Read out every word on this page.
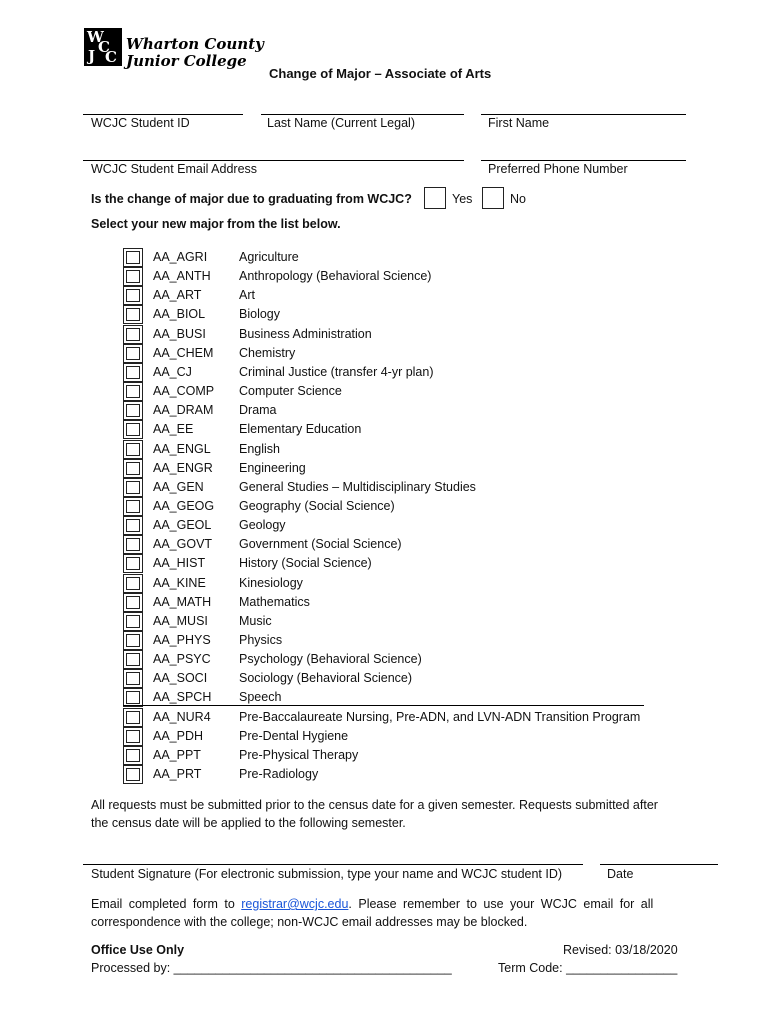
W
C
J C
Wharton County
Junior College
Change of Major – Associate of Arts
WCJC Student ID	Last Name (Current Legal)	First Name
WCJC Student Email Address	Preferred Phone Number
Is the change of major due to graduating from WCJC?	Yes	No
Select your new major from the list below.
AA_AGRI	Agriculture
AA_ANTH Anthropology (Behavioral Science)
AA_ART	Art
AA_BIOL	Biology
AA_BUSI	Business Administration
AA_CHEM Chemistry
AA_CJ	Criminal Justice (transfer 4-yr plan)
AA_COMP Computer Science
AA_DRAM Drama
AA_EE	Elementary Education
AA_ENGL English
AA_ENGR Engineering
AA_GEN	General Studies – Multidisciplinary Studies
AA_GEOG Geography (Social Science)
AA_GEOL Geology
AA_GOVT Government (Social Science)
AA_HIST	History (Social Science)
AA_KINE	Kinesiology
AA_MATH Mathematics
AA_MUSI Music
AA_PHYS Physics
AA_PSYC Psychology (Behavioral Science)
AA_SOCI	Sociology (Behavioral Science)
AA_SPCH Speech
AA_NUR4 Pre-Baccalaureate Nursing, Pre-ADN, and LVN-ADN Transition Program
AA_PDH	Pre-Dental Hygiene
AA_PPT	Pre-Physical Therapy
AA_PRT	Pre-Radiology
All requests must be submitted prior to the census date for a given semester. Requests submitted after
the census date will be applied to the following semester.
Student Signature (For electronic submission, type your name and WCJC student ID)	Date
Email completed form to registrar@wcjc.edu. Please remember to use your WCJC email for all
correspondence with the college; non-WCJC email addresses may be blocked.
Office Use Only	Revised: 03/18/2020
Processed by: ________________________________________	Term Code: ________________
